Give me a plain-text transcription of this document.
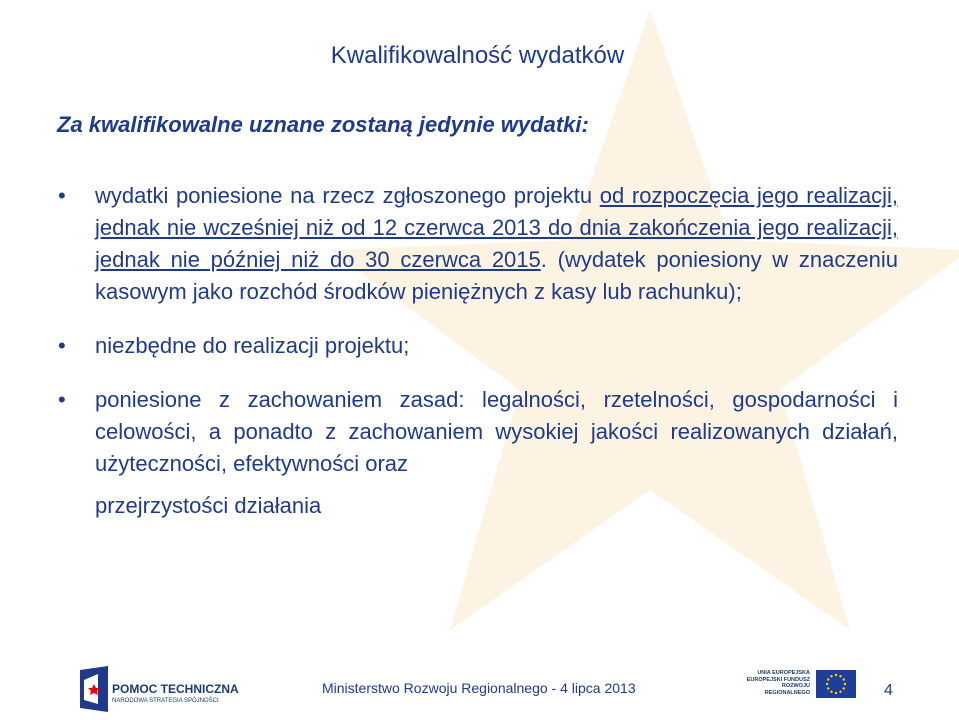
Kwalifikowalność wydatków
Za kwalifikowalne uznane zostaną jedynie wydatki:
• wydatki poniesione na rzecz zgłoszonego projektu od rozpoczęcia jego realizacji, jednak nie wcześniej niż od 12 czerwca 2013 do dnia zakończenia jego realizacji, jednak nie później niż do 30 czerwca 2015. (wydatek poniesiony w znaczeniu kasowym jako rozchód środków pieniężnych z kasy lub rachunku);
• niezbędne do realizacji projektu;
• poniesione z zachowaniem zasad: legalności, rzetelności, gospodarności i celowości, a ponadto z zachowaniem wysokiej jakości realizowanych działań, użyteczności, efektywności oraz
przejrzystości działania
POMOC TECHNICZNA
NARODOWA STRATEGIA SPÓJNOŚCI
Ministerstwo Rozwoju Regionalnego - 4 lipca 2013
UNIA EUROPEJSKA
EUROPEJSKI FUNDUSZ
ROZWOJU REGIONALNEGO	4
